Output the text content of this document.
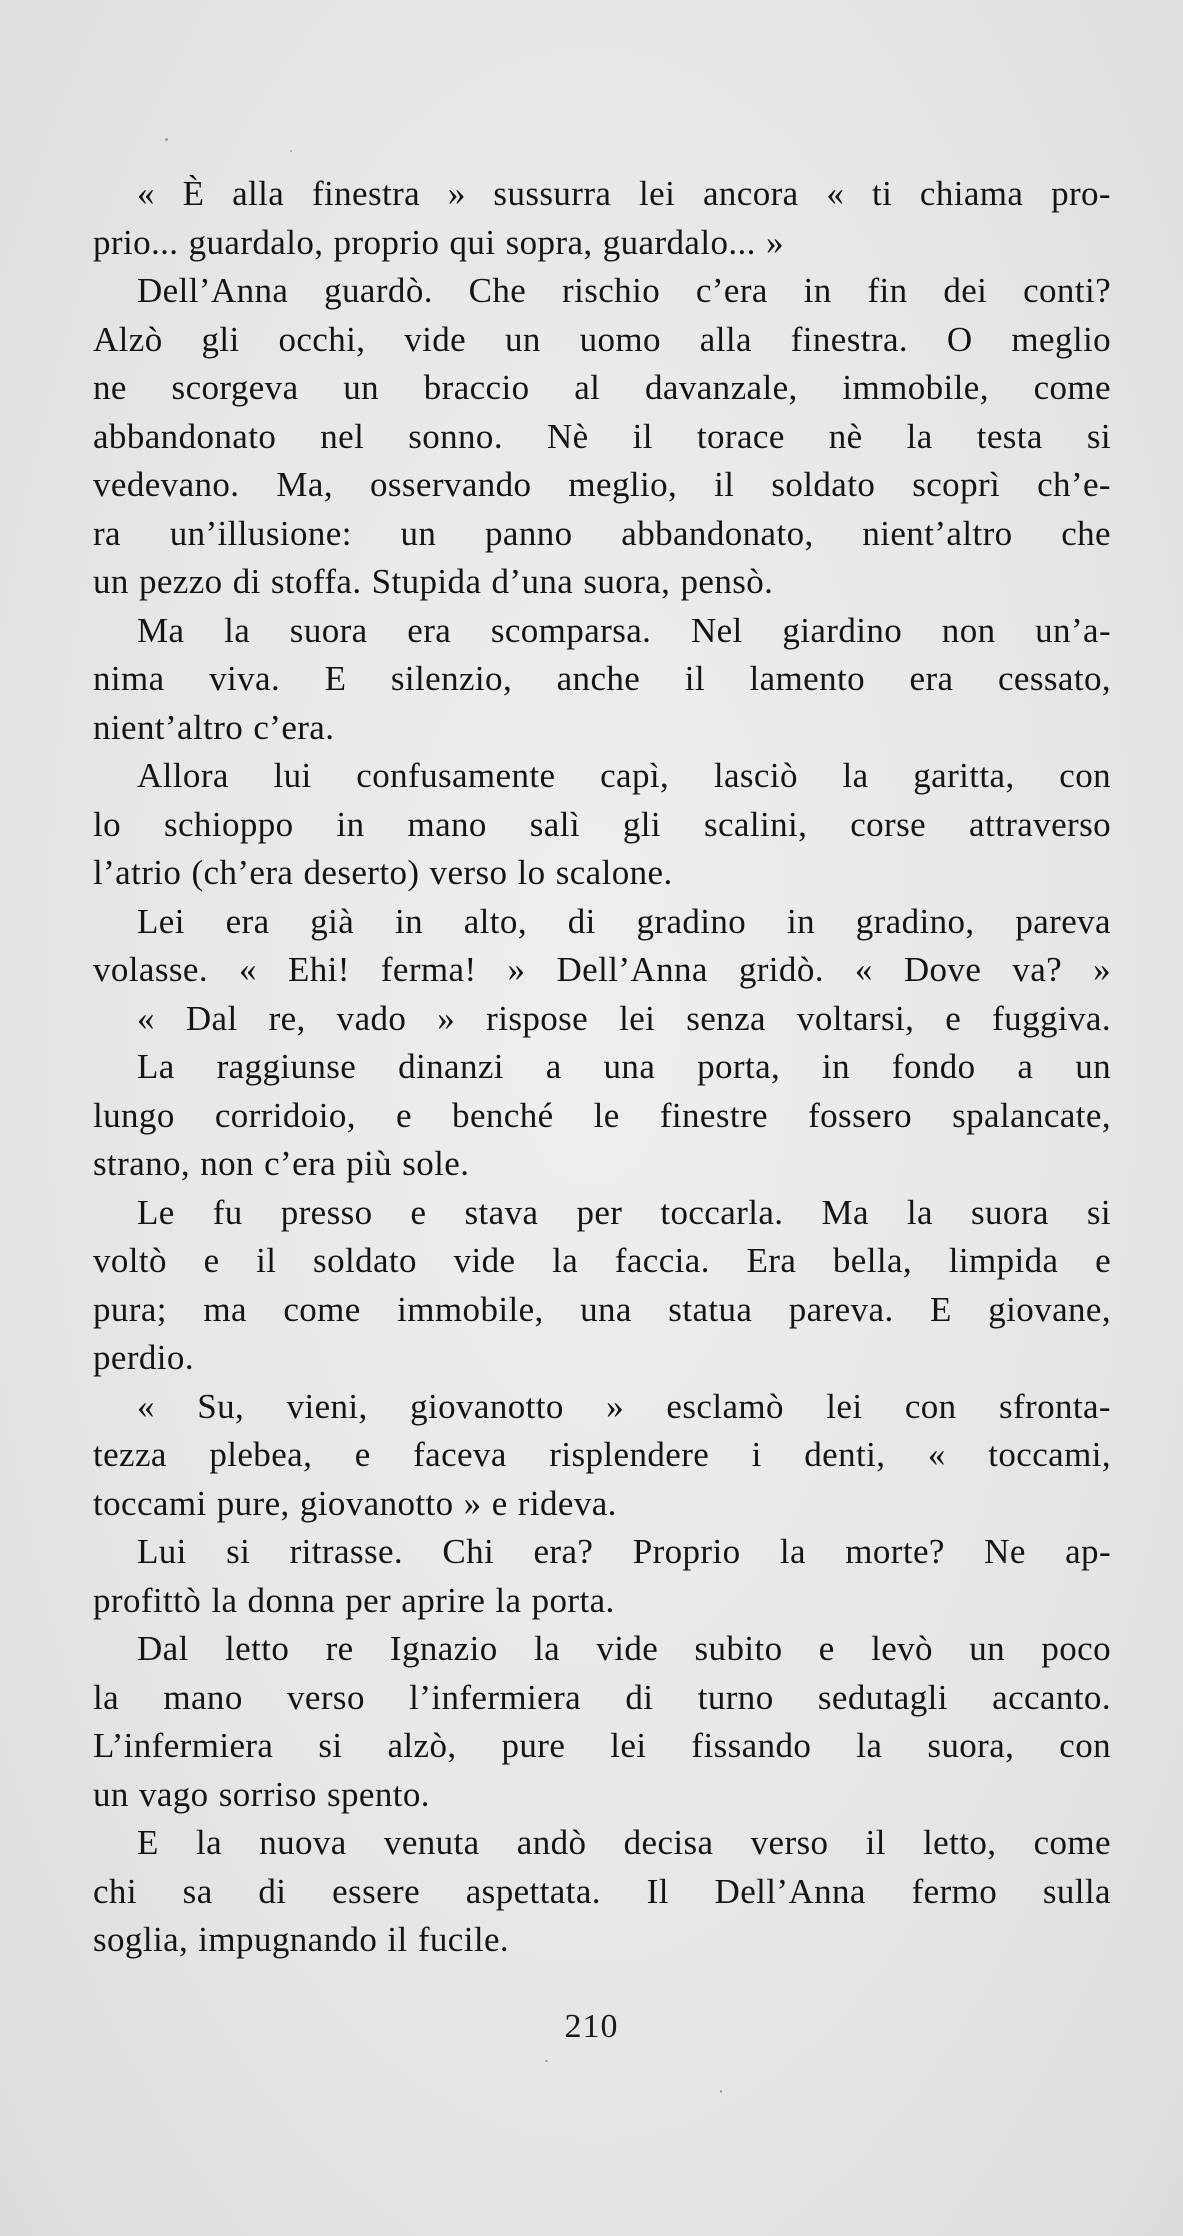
« È alla finestra » sussurra lei ancora « ti chiama pro-
prio... guardalo, proprio qui sopra, guardalo... »
Dell’Anna guardò. Che rischio c’era in fin dei conti?
Alzò gli occhi, vide un uomo alla finestra. O meglio
ne scorgeva un braccio al davanzale, immobile, come
abbandonato nel sonno. Nè il torace nè la testa si
vedevano. Ma, osservando meglio, il soldato scoprì ch’e-
ra un’illusione: un panno abbandonato, nient’altro che
un pezzo di stoffa. Stupida d’una suora, pensò.
Ma la suora era scomparsa. Nel giardino non un’a-
nima viva. E silenzio, anche il lamento era cessato,
nient’altro c’era.
Allora lui confusamente capì, lasciò la garitta, con
lo schioppo in mano salì gli scalini, corse attraverso
l’atrio (ch’era deserto) verso lo scalone.
Lei era già in alto, di gradino in gradino, pareva
volasse. « Ehi! ferma! » Dell’Anna gridò. « Dove va? »
« Dal re, vado » rispose lei senza voltarsi, e fuggiva.
La raggiunse dinanzi a una porta, in fondo a un
lungo corridoio, e benché le finestre fossero spalancate,
strano, non c’era più sole.
Le fu presso e stava per toccarla. Ma la suora si
voltò e il soldato vide la faccia. Era bella, limpida e
pura; ma come immobile, una statua pareva. E giovane,
perdio.
« Su, vieni, giovanotto » esclamò lei con sfronta-
tezza plebea, e faceva risplendere i denti, « toccami,
toccami pure, giovanotto » e rideva.
Lui si ritrasse. Chi era? Proprio la morte? Ne ap-
profittò la donna per aprire la porta.
Dal letto re Ignazio la vide subito e levò un poco
la mano verso l’infermiera di turno sedutagli accanto.
L’infermiera si alzò, pure lei fissando la suora, con
un vago sorriso spento.
E la nuova venuta andò decisa verso il letto, come
chi sa di essere aspettata. Il Dell’Anna fermo sulla
soglia, impugnando il fucile.
210
